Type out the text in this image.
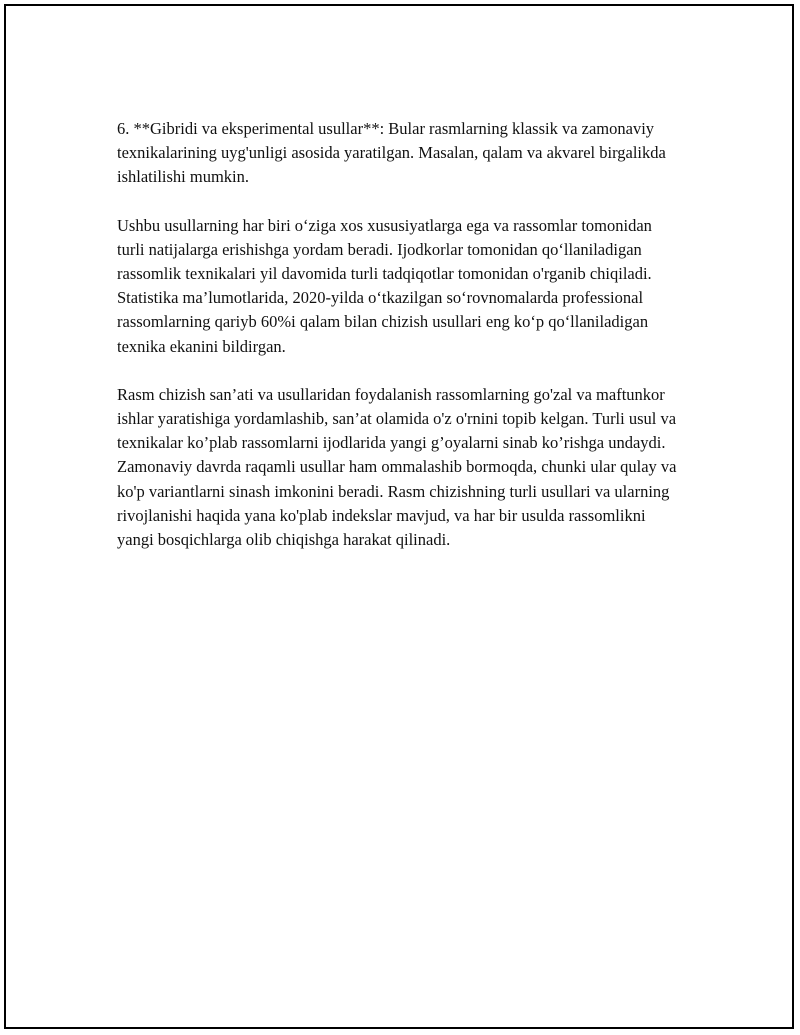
6. **Gibridi va eksperimental usullar**: Bular rasmlarning klassik va zamonaviy texnikalarining uyg'unligi asosida yaratilgan. Masalan, qalam va akvarel birgalikda ishlatilishi mumkin.

Ushbu usullarning har biri o‘ziga xos xususiyatlarga ega va rassomlar tomonidan turli natijalarga erishishga yordam beradi. Ijodkorlar tomonidan qo‘llaniladigan rassomlik texnikalari yil davomida turli tadqiqotlar tomonidan o'rganib chiqiladi. Statistika ma’lumotlarida, 2020-yilda o‘tkazilgan so‘rovnomalarda professional rassomlarning qariyb 60%i qalam bilan chizish usullari eng ko‘p qo‘llaniladigan texnika ekanini bildirgan.

Rasm chizish san’ati va usullaridan foydalanish rassomlarning go'zal va maftunkor ishlar yaratishiga yordamlashib, san’at olamida o'z o'rnini topib kelgan. Turli usul va texnikalar ko’plab rassomlarni ijodlarida yangi g’oyalarni sinab ko’rishga undaydi. Zamonaviy davrda raqamli usullar ham ommalashib bormoqda, chunki ular qulay va ko'p variantlarni sinash imkonini beradi. Rasm chizishning turli usullari va ularning rivojlanishi haqida yana ko'plab indekslar mavjud, va har bir usulda rassomlikni yangi bosqichlarga olib chiqishga harakat qilinadi.
